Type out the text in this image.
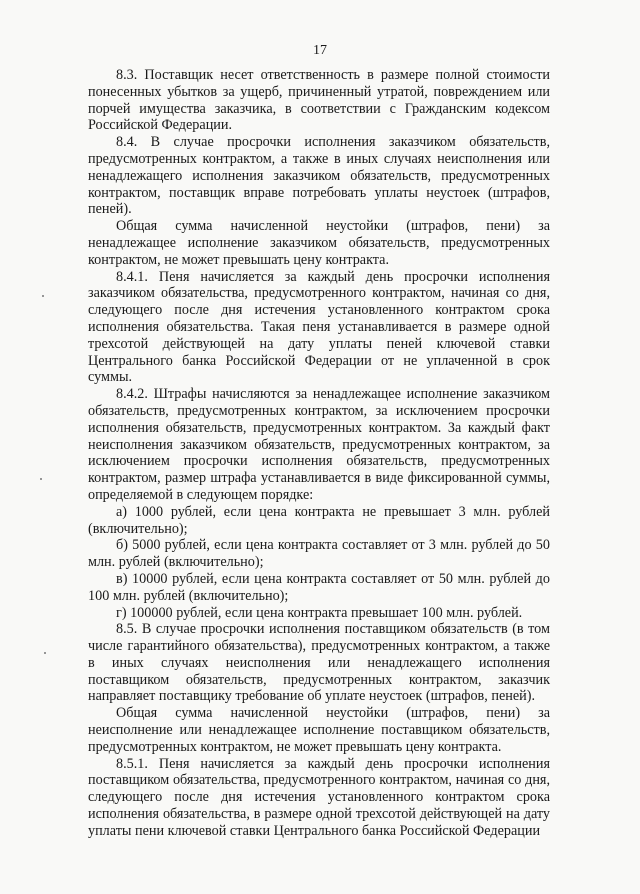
17

8.3. Поставщик несет ответственность в размере полной стоимости понесенных убытков за ущерб, причиненный утратой, повреждением или порчей имущества заказчика, в соответствии с Гражданским кодексом Российской Федерации.

8.4. В случае просрочки исполнения заказчиком обязательств, предусмотренных контрактом, а также в иных случаях неисполнения или ненадлежащего исполнения заказчиком обязательств, предусмотренных контрактом, поставщик вправе потребовать уплаты неустоек (штрафов, пеней).

Общая сумма начисленной неустойки (штрафов, пени) за ненадлежащее исполнение заказчиком обязательств, предусмотренных контрактом, не может превышать цену контракта.

8.4.1. Пеня начисляется за каждый день просрочки исполнения заказчиком обязательства, предусмотренного контрактом, начиная со дня, следующего после дня истечения установленного контрактом срока исполнения обязательства. Такая пеня устанавливается в размере одной трехсотой действующей на дату уплаты пеней ключевой ставки Центрального банка Российской Федерации от не уплаченной в срок суммы.

8.4.2. Штрафы начисляются за ненадлежащее исполнение заказчиком обязательств, предусмотренных контрактом, за исключением просрочки исполнения обязательств, предусмотренных контрактом. За каждый факт неисполнения заказчиком обязательств, предусмотренных контрактом, за исключением просрочки исполнения обязательств, предусмотренных контрактом, размер штрафа устанавливается в виде фиксированной суммы, определяемой в следующем порядке:

а) 1000 рублей, если цена контракта не превышает 3 млн. рублей (включительно);

б) 5000 рублей, если цена контракта составляет от 3 млн. рублей до 50 млн. рублей (включительно);

в) 10000 рублей, если цена контракта составляет от 50 млн. рублей до 100 млн. рублей (включительно);

г) 100000 рублей, если цена контракта превышает 100 млн. рублей.

8.5. В случае просрочки исполнения поставщиком обязательств (в том числе гарантийного обязательства), предусмотренных контрактом, а также в иных случаях неисполнения или ненадлежащего исполнения поставщиком обязательств, предусмотренных контрактом, заказчик направляет поставщику требование об уплате неустоек (штрафов, пеней).

Общая сумма начисленной неустойки (штрафов, пени) за неисполнение или ненадлежащее исполнение поставщиком обязательств, предусмотренных контрактом, не может превышать цену контракта.

8.5.1. Пеня начисляется за каждый день просрочки исполнения поставщиком обязательства, предусмотренного контрактом, начиная со дня, следующего после дня истечения установленного контрактом срока исполнения обязательства, в размере одной трехсотой действующей на дату уплаты пени ключевой ставки Центрального банка Российской Федерации
